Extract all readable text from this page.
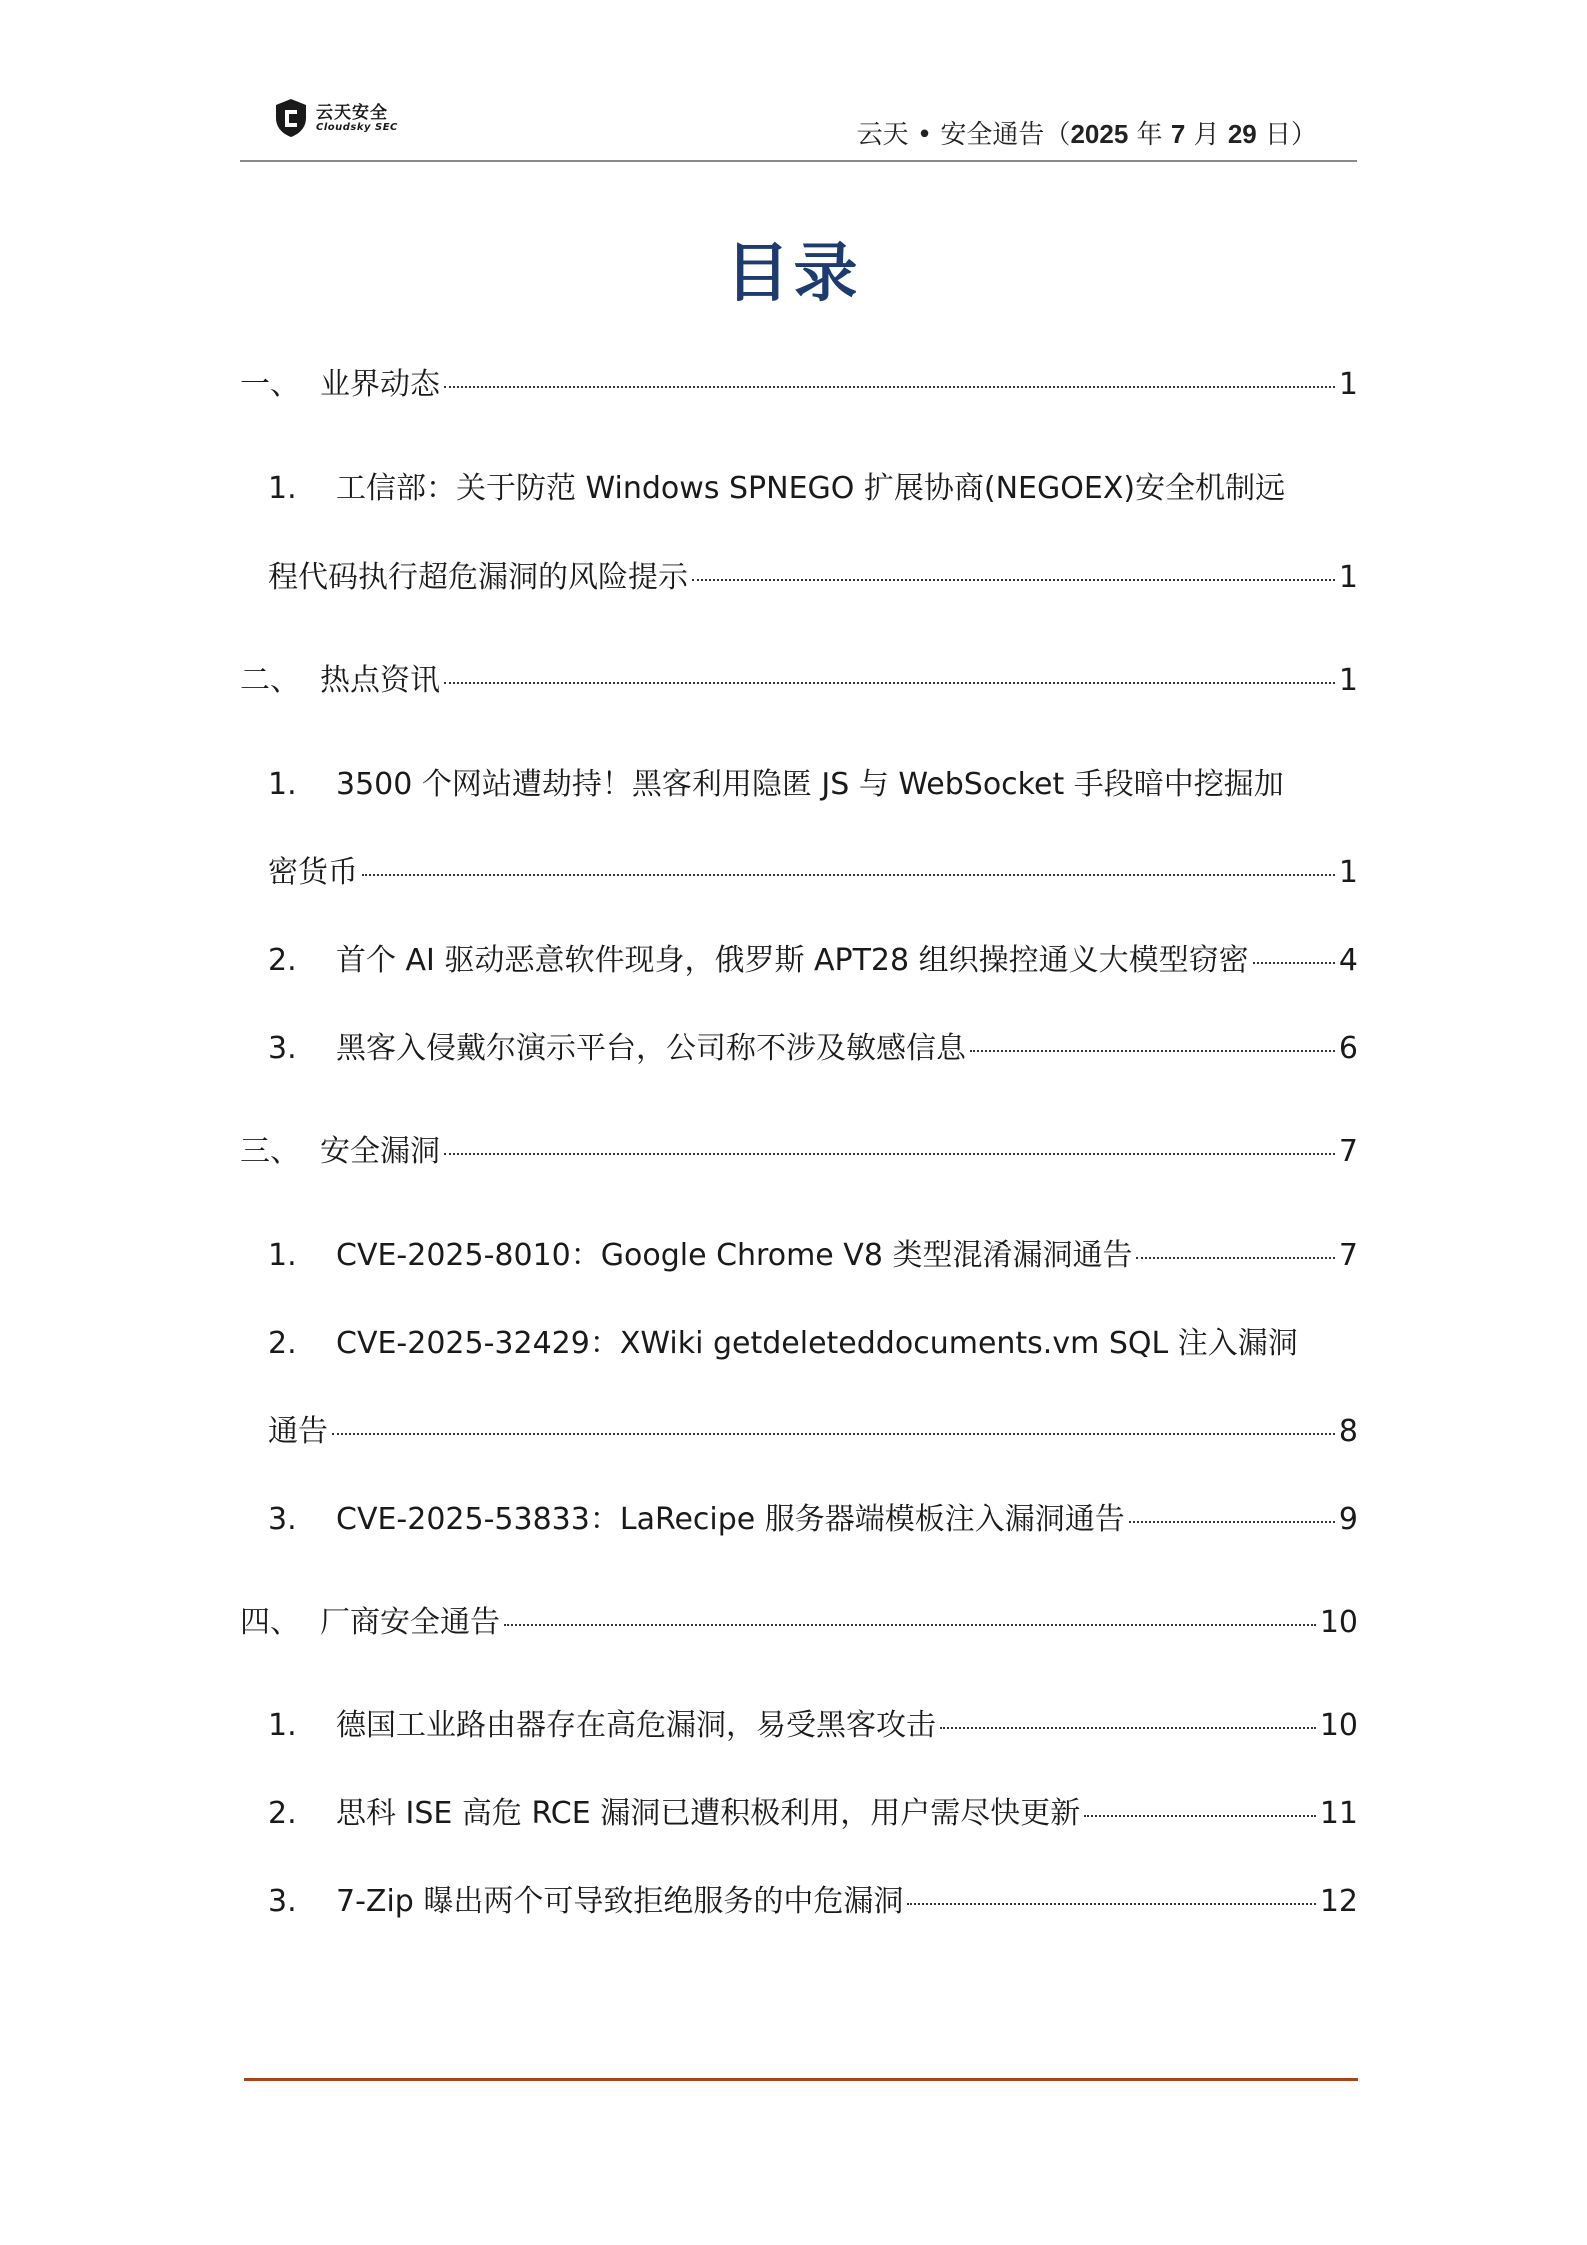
云天安全
Cloudsky SEC	云天 • 安全通告（2025 年 7 月 29 日）
目录
一、 业界动态	1
1.	工信部：关于防范 Windows SPNEGO 扩展协商(NEGOEX)安全机制远
程代码执行超危漏洞的风险提示	1
二、 热点资讯	1
1.	3500 个网站遭劫持！黑客利用隐匿 JS 与 WebSocket 手段暗中挖掘加
密货币	1
2.	首个 AI 驱动恶意软件现身，俄罗斯 APT28 组织操控通义大模型窃密	4
3.	黑客入侵戴尔演示平台，公司称不涉及敏感信息	6
三、 安全漏洞	7
1.	CVE-2025-8010：Google Chrome V8 类型混淆漏洞通告	7
2.	CVE-2025-32429：XWiki getdeleteddocuments.vm SQL 注入漏洞
通告	8
3.	CVE-2025-53833：LaRecipe 服务器端模板注入漏洞通告	9
四、 厂商安全通告	10
1.	德国工业路由器存在高危漏洞，易受黑客攻击	10
2.	思科 ISE 高危 RCE 漏洞已遭积极利用，用户需尽快更新	11
3.	7-Zip 曝出两个可导致拒绝服务的中危漏洞	12
